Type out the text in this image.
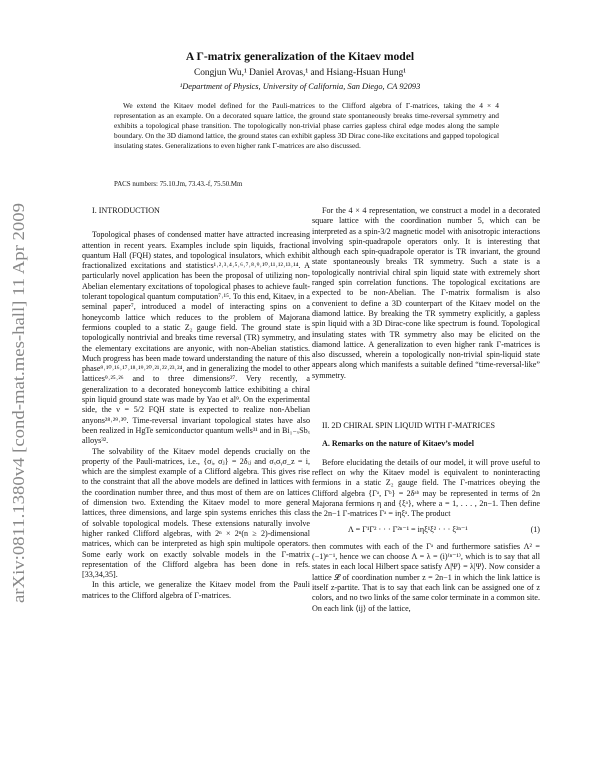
arXiv:0811.1380v4 [cond-mat.mes-hall] 11 Apr 2009
A Γ-matrix generalization of the Kitaev model
Congjun Wu,¹ Daniel Arovas,¹ and Hsiang-Hsuan Hung¹
¹Department of Physics, University of California, San Diego, CA 92093

We extend the Kitaev model defined for the Pauli-matrices to the Clifford algebra of Γ-matrices, taking the 4 × 4 representation as an example. On a decorated square lattice, the ground state spontaneously breaks time-reversal symmetry and exhibits a topological phase transition. The topologically non-trivial phase carries gapless chiral edge modes along the sample boundary. On the 3D diamond lattice, the ground states can exhibit gapless 3D Dirac cone-like excitations and gapped topological insulating states. Generalizations to even higher rank Γ-matrices are also discussed.

PACS numbers: 75.10.Jm, 73.43.-f, 75.50.Mm

I. INTRODUCTION

Topological phases of condensed matter have attracted increasing attention in recent years. Examples include spin liquids, fractional quantum Hall (FQH) states, and topological insulators, which exhibit fractionalized excitations and statistics¹˒²˒³˒⁴˒⁵˒⁶˒⁷˒⁸˒⁹˒¹⁰˒¹¹˒¹²˒¹³˒¹⁴. A particularly novel application has been the proposal of utilizing non-Abelian elementary excitations of topological phases to achieve fault-tolerant topological quantum computation⁷˒¹⁵. To this end, Kitaev, in a seminal paper⁷, introduced a model of interacting spins on a honeycomb lattice which reduces to the problem of Majorana fermions coupled to a static Z₂ gauge field. The ground state is topologically nontrivial and breaks time reversal (TR) symmetry, and the elementary excitations are anyonic, with non-Abelian statistics. Much progress has been made toward understanding the nature of this phase⁹˒¹⁰˒¹⁶˒¹⁷˒¹⁸˒¹⁹˒²⁰˒²¹˒²²˒²³˒²⁴, and in generalizing the model to other lattices⁹˒²⁵˒²⁶ and to three dimensions²⁷. Very recently, a generalization to a decorated honeycomb lattice exhibiting a chiral spin liquid ground state was made by Yao et al⁹. On the experimental side, the ν = 5/2 FQH state is expected to realize non-Abelian anyons²⁸˒²⁹˒³⁰. Time-reversal invariant topological states have also been realized in HgTe semiconductor quantum wells³¹ and in Bi₁₋ₓSbₓ alloys³².

The solvability of the Kitaev model depends crucially on the property of the Pauli-matrices, i.e., {σᵢ, σⱼ} = 2δᵢⱼ and σₓσᵧσ_z = i, which are the simplest example of a Clifford algebra. This gives rise to the constraint that all the above models are defined in lattices with the coordination number three, and thus most of them are on lattices of dimension two. Extending the Kitaev model to more general lattices, three dimensions, and large spin systems enriches this class of solvable topological models. These extensions naturally involve higher ranked Clifford algebras, with 2ⁿ × 2ⁿ(n ≥ 2)-dimensional matrices, which can be interpreted as high spin multipole operators. Some early work on exactly solvable models in the Γ-matrix representation of the Clifford algebra has been done in refs. [33,34,35].

In this article, we generalize the Kitaev model from the Pauli matrices to the Clifford algebra of Γ-matrices.

For the 4 × 4 representation, we construct a model in a decorated square lattice with the coordination number 5, which can be interpreted as a spin-3/2 magnetic model with anisotropic interactions involving spin-quadrapole operators only. It is interesting that although each spin-quadrapole operator is TR invariant, the ground state spontaneously breaks TR symmetry. Such a state is a topologically nontrivial chiral spin liquid state with extremely short ranged spin correlation functions. The topological excitations are expected to be non-Abelian. The Γ-matrix formalism is also convenient to define a 3D counterpart of the Kitaev model on the diamond lattice. By breaking the TR symmetry explicitly, a gapless spin liquid with a 3D Dirac-cone like spectrum is found. Topological insulating states with TR symmetry also may be elicited on the diamond lattice. A generalization to even higher rank Γ-matrices is also discussed, wherein a topologically non-trivial spin-liquid state appears along which manifests a suitable defined “time-reversal-like” symmetry.

II. 2D CHIRAL SPIN LIQUID WITH Γ-MATRICES

A. Remarks on the nature of Kitaev’s model

Before elucidating the details of our model, it will prove useful to reflect on why the Kitaev model is equivalent to noninteracting fermions in a static Z₂ gauge field. The Γ-matrices obeying the Clifford algebra {Γᵃ, Γᵇ} = 2δᵃᵇ may be represented in terms of 2n Majorana fermions η and {ξᵃ}, where a = 1, . . . , 2n−1. Then define the 2n−1 Γ-matrices Γᵃ = iηξᵃ. The product

Λ = Γ¹Γ² · · · Γ²ⁿ⁻¹ = iηξ¹ξ² · · · ξ²ⁿ⁻¹	(1)

then commutes with each of the Γᵃ and furthermore satisfies Λ² = (−1)ⁿ⁻¹, hence we can choose Λ = λ = (i)⁽ⁿ⁻¹⁾, which is to say that all states in each local Hilbert space satisfy Λ|Ψ⟩ = λ|Ψ⟩. Now consider a lattice 𝓛 of coordination number z = 2n−1 in which the link lattice is itself z-partite. That is to say that each link can be assigned one of z colors, and no two links of the same color terminate in a common site. On each link ⟨ij⟩ of the lattice,
